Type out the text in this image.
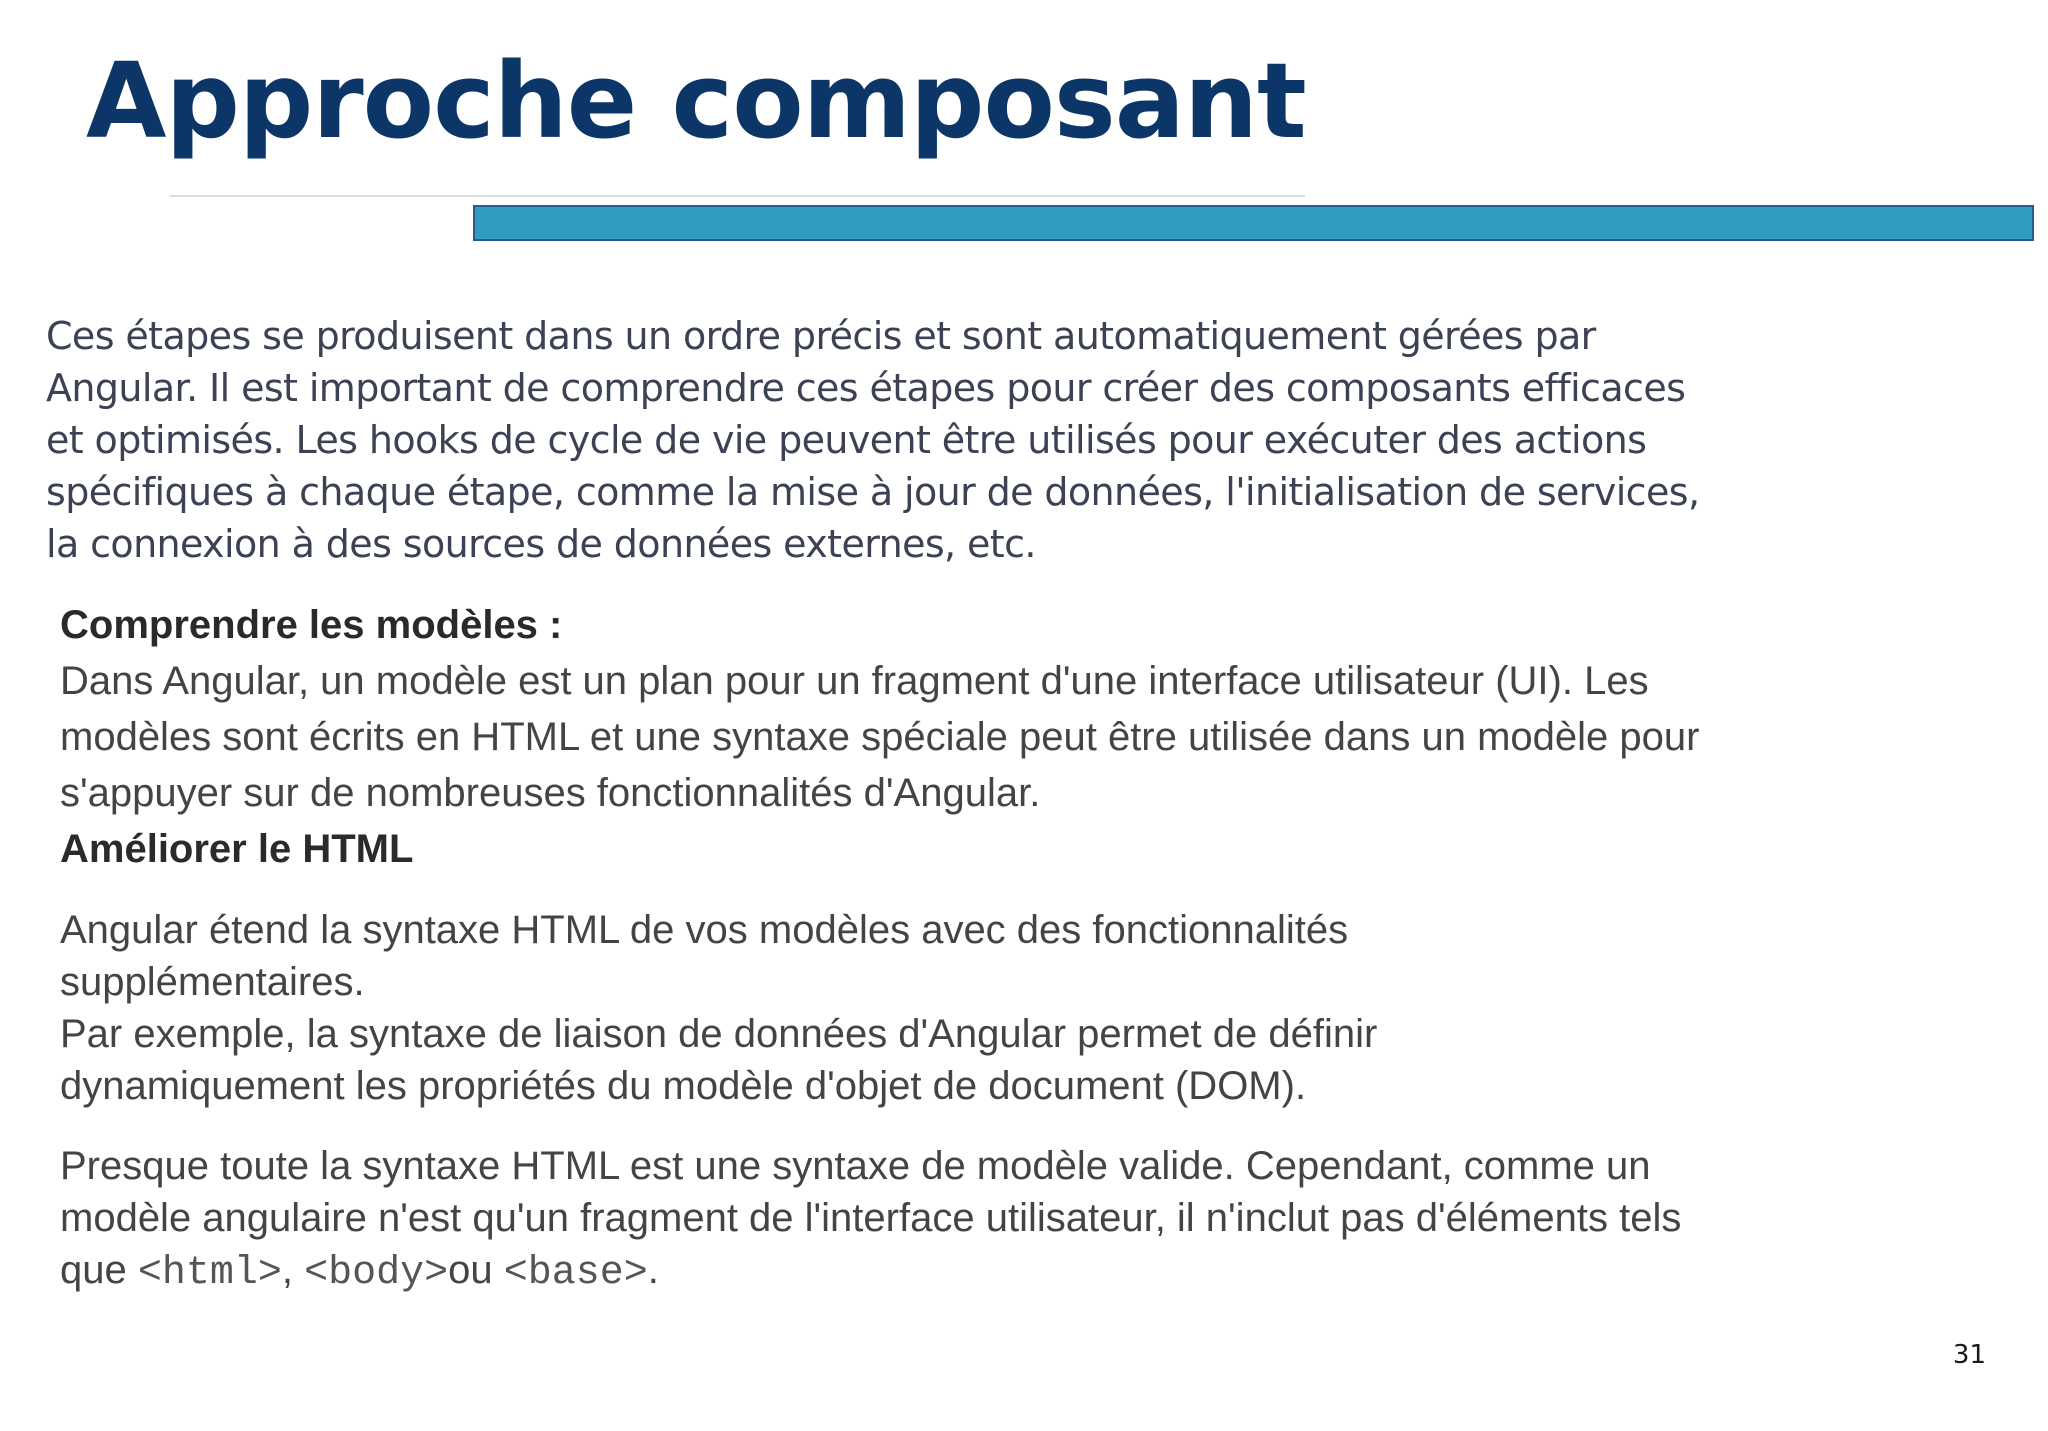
Approche composant

Ces étapes se produisent dans un ordre précis et sont automatiquement gérées par Angular. Il est important de comprendre ces étapes pour créer des composants efficaces et optimisés. Les hooks de cycle de vie peuvent être utilisés pour exécuter des actions spécifiques à chaque étape, comme la mise à jour de données, l'initialisation de services, la connexion à des sources de données externes, etc.

Comprendre les modèles :
Dans Angular, un modèle est un plan pour un fragment d'une interface utilisateur (UI). Les modèles sont écrits en HTML et une syntaxe spéciale peut être utilisée dans un modèle pour s'appuyer sur de nombreuses fonctionnalités d'Angular.
Améliorer le HTML
Angular étend la syntaxe HTML de vos modèles avec des fonctionnalités supplémentaires.
Par exemple, la syntaxe de liaison de données d'Angular permet de définir dynamiquement les propriétés du modèle d'objet de document (DOM).
Presque toute la syntaxe HTML est une syntaxe de modèle valide. Cependant, comme un modèle angulaire n'est qu'un fragment de l'interface utilisateur, il n'inclut pas d'éléments tels que <html>, <body>ou <base>.
31
